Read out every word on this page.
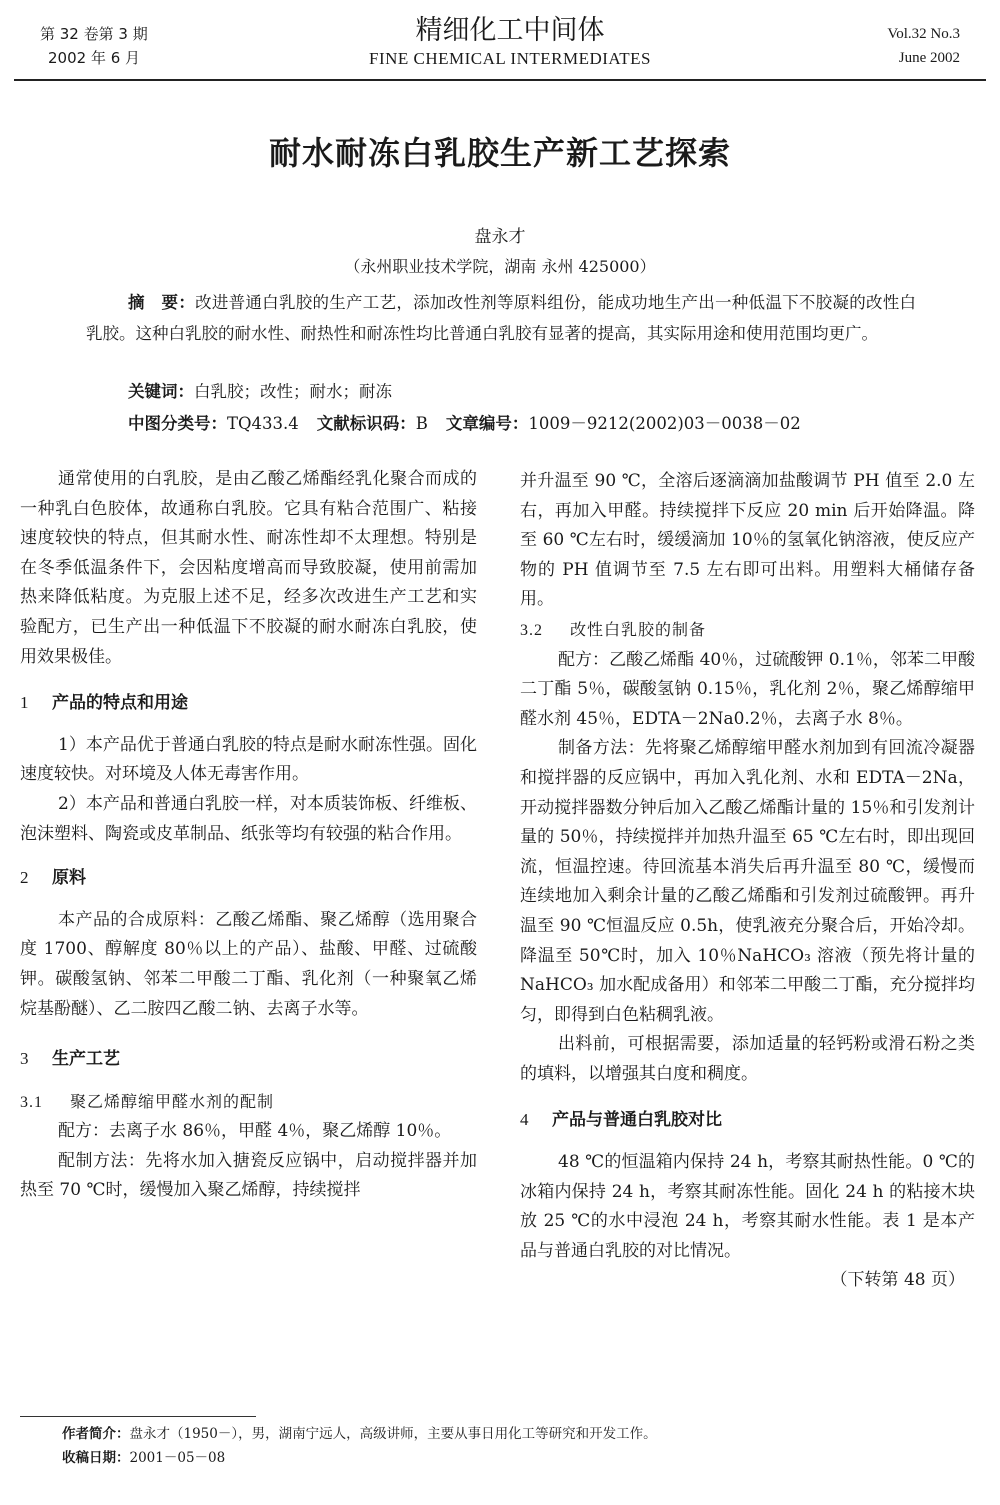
第 32 卷第 3 期
2002 年 6 月
精细化工中间体
FINE CHEMICAL INTERMEDIATES
Vol.32 No.3
June 2002
耐水耐冻白乳胶生产新工艺探索
盘永才
（永州职业技术学院，湖南 永州 425000）
摘　要：改进普通白乳胶的生产工艺，添加改性剂等原料组份，能成功地生产出一种低温下不胶凝的改性白乳胶。这种白乳胶的耐水性、耐热性和耐冻性均比普通白乳胶有显著的提高，其实际用途和使用范围均更广。
关键词：白乳胶；改性；耐水；耐冻
中图分类号：TQ433.4 文献标识码：B 文章编号：1009－9212(2002)03－0038－02

通常使用的白乳胶，是由乙酸乙烯酯经乳化聚合而成的一种乳白色胶体，故通称白乳胶。它具有粘合范围广、粘接速度较快的特点，但其耐水性、耐冻性却不太理想。特别是在冬季低温条件下，会因粘度增高而导致胶凝，使用前需加热来降低粘度。为克服上述不足，经多次改进生产工艺和实验配方，已生产出一种低温下不胶凝的耐水耐冻白乳胶，使用效果极佳。

1 产品的特点和用途

1）本产品优于普通白乳胶的特点是耐水耐冻性强。固化速度较快。对环境及人体无毒害作用。

2）本产品和普通白乳胶一样，对本质装饰板、纤维板、泡沫塑料、陶瓷或皮革制品、纸张等均有较强的粘合作用。

2 原料

本产品的合成原料：乙酸乙烯酯、聚乙烯醇（选用聚合度 1700、醇解度 80％以上的产品）、盐酸、甲醛、过硫酸钾。碳酸氢钠、邻苯二甲酸二丁酯、乳化剂（一种聚氧乙烯烷基酚醚）、乙二胺四乙酸二钠、去离子水等。

3 生产工艺
3.1 聚乙烯醇缩甲醛水剂的配制

配方：去离子水 86％，甲醛 4％，聚乙烯醇 10％。

配制方法：先将水加入搪瓷反应锅中，启动搅拌器并加热至 70 ℃时，缓慢加入聚乙烯醇，持续搅拌

并升温至 90 ℃，全溶后逐滴滴加盐酸调节 PH 值至 2.0 左右，再加入甲醛。持续搅拌下反应 20 min 后开始降温。降至 60 ℃左右时，缓缓滴加 10％的氢氧化钠溶液，使反应产物的 PH 值调节至 7.5 左右即可出料。用塑料大桶储存备用。

3.2 改性白乳胶的制备

配方：乙酸乙烯酯 40％，过硫酸钾 0.1％，邻苯二甲酸二丁酯 5％，碳酸氢钠 0.15％，乳化剂 2％，聚乙烯醇缩甲醛水剂 45％，EDTA－2Na0.2％，去离子水 8％。

制备方法：先将聚乙烯醇缩甲醛水剂加到有回流冷凝器和搅拌器的反应锅中，再加入乳化剂、水和 EDTA－2Na，开动搅拌器数分钟后加入乙酸乙烯酯计量的 15％和引发剂计量的 50％，持续搅拌并加热升温至 65 ℃左右时，即出现回流，恒温控速。待回流基本消失后再升温至 80 ℃，缓慢而连续地加入剩余计量的乙酸乙烯酯和引发剂过硫酸钾。再升温至 90 ℃恒温反应 0.5h，使乳液充分聚合后，开始冷却。降温至 50℃时，加入 10％NaHCO₃ 溶液（预先将计量的 NaHCO₃ 加水配成备用）和邻苯二甲酸二丁酯，充分搅拌均匀，即得到白色粘稠乳液。

出料前，可根据需要，添加适量的轻钙粉或滑石粉之类的填料，以增强其白度和稠度。

4 产品与普通白乳胶对比

48 ℃的恒温箱内保持 24 h，考察其耐热性能。0 ℃的冰箱内保持 24 h，考察其耐冻性能。固化 24 h 的粘接木块放 25 ℃的水中浸泡 24 h，考察其耐水性能。表 1 是本产品与普通白乳胶的对比情况。

（下转第 48 页）

作者简介：盘永才（1950－），男，湖南宁远人，高级讲师，主要从事日用化工等研究和开发工作。
收稿日期：2001－05－08
